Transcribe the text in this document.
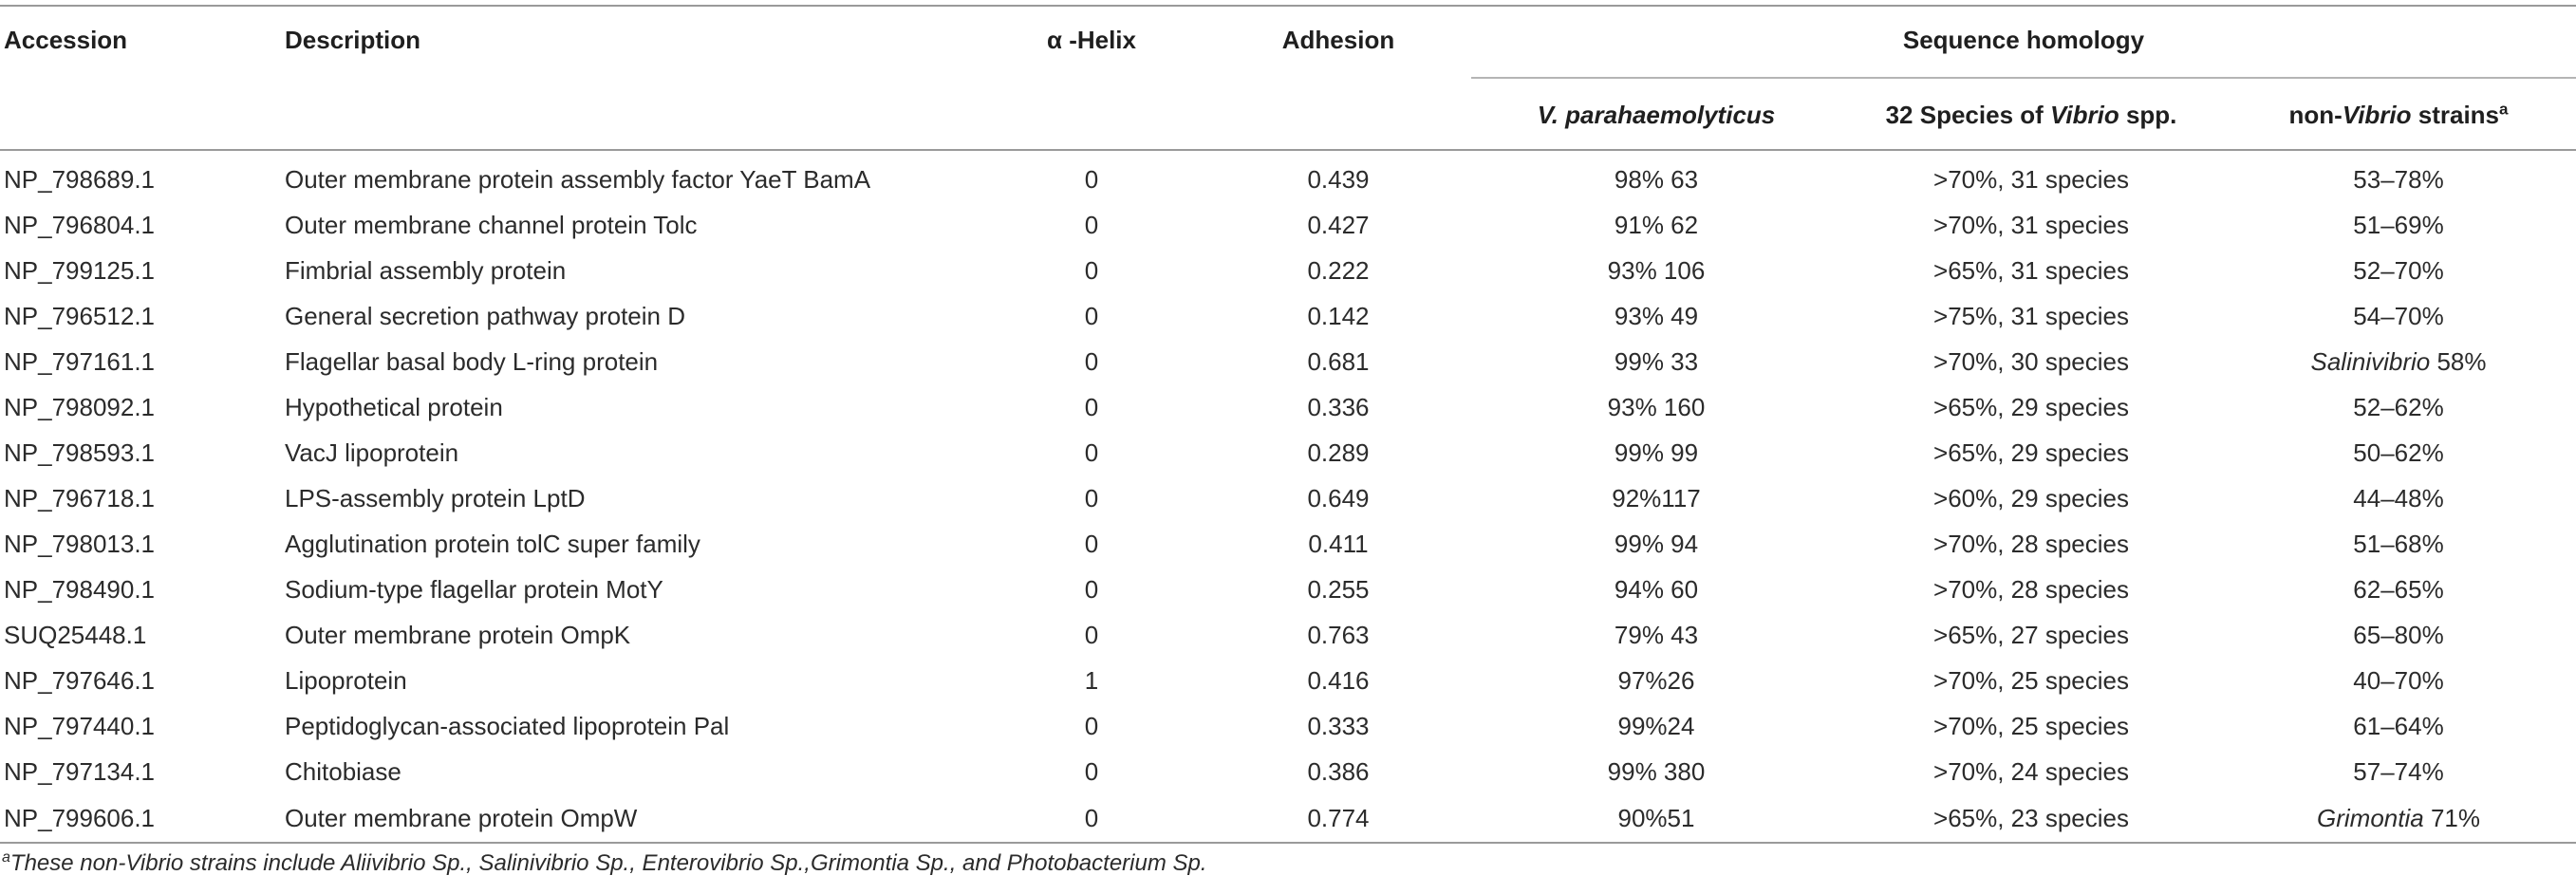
Accession	Description	α -Helix	Adhesion	Sequence homology		
				V. parahaemolyticus	32 Species of Vibrio spp.	non-Vibrio strains$^a$
NP_798689.1	Outer membrane protein assembly factor YaeT BamA	0	0.439	98% 63	>70%, 31 species	53–78%
NP_796804.1	Outer membrane channel protein Tolc	0	0.427	91% 62	>70%, 31 species	51–69%
NP_799125.1	Fimbrial assembly protein	0	0.222	93% 106	>65%, 31 species	52–70%
NP_796512.1	General secretion pathway protein D	0	0.142	93% 49	>75%, 31 species	54–70%
NP_797161.1	Flagellar basal body L-ring protein	0	0.681	99% 33	>70%, 30 species	Salinivibrio 58%
NP_798092.1	Hypothetical protein	0	0.336	93% 160	>65%, 29 species	52–62%
NP_798593.1	VacJ lipoprotein	0	0.289	99% 99	>65%, 29 species	50–62%
NP_796718.1	LPS-assembly protein LptD	0	0.649	92%117	>60%, 29 species	44–48%
NP_798013.1	Agglutination protein tolC super family	0	0.411	99% 94	>70%, 28 species	51–68%
NP_798490.1	Sodium-type flagellar protein MotY	0	0.255	94% 60	>70%, 28 species	62–65%
SUQ25448.1	Outer membrane protein OmpK	0	0.763	79% 43	>65%, 27 species	65–80%
NP_797646.1	Lipoprotein	1	0.416	97%26	>70%, 25 species	40–70%
NP_797440.1	Peptidoglycan-associated lipoprotein Pal	0	0.333	99%24	>70%, 25 species	61–64%
NP_797134.1	Chitobiase	0	0.386	99% 380	>70%, 24 species	57–74%
NP_799606.1	Outer membrane protein OmpW	0	0.774	90%51	>65%, 23 species	Grimontia 71%
$^a$These non-Vibrio strains include Aliivibrio Sp., Salinivibrio Sp., Enterovibrio Sp.,Grimontia Sp., and Photobacterium Sp.
